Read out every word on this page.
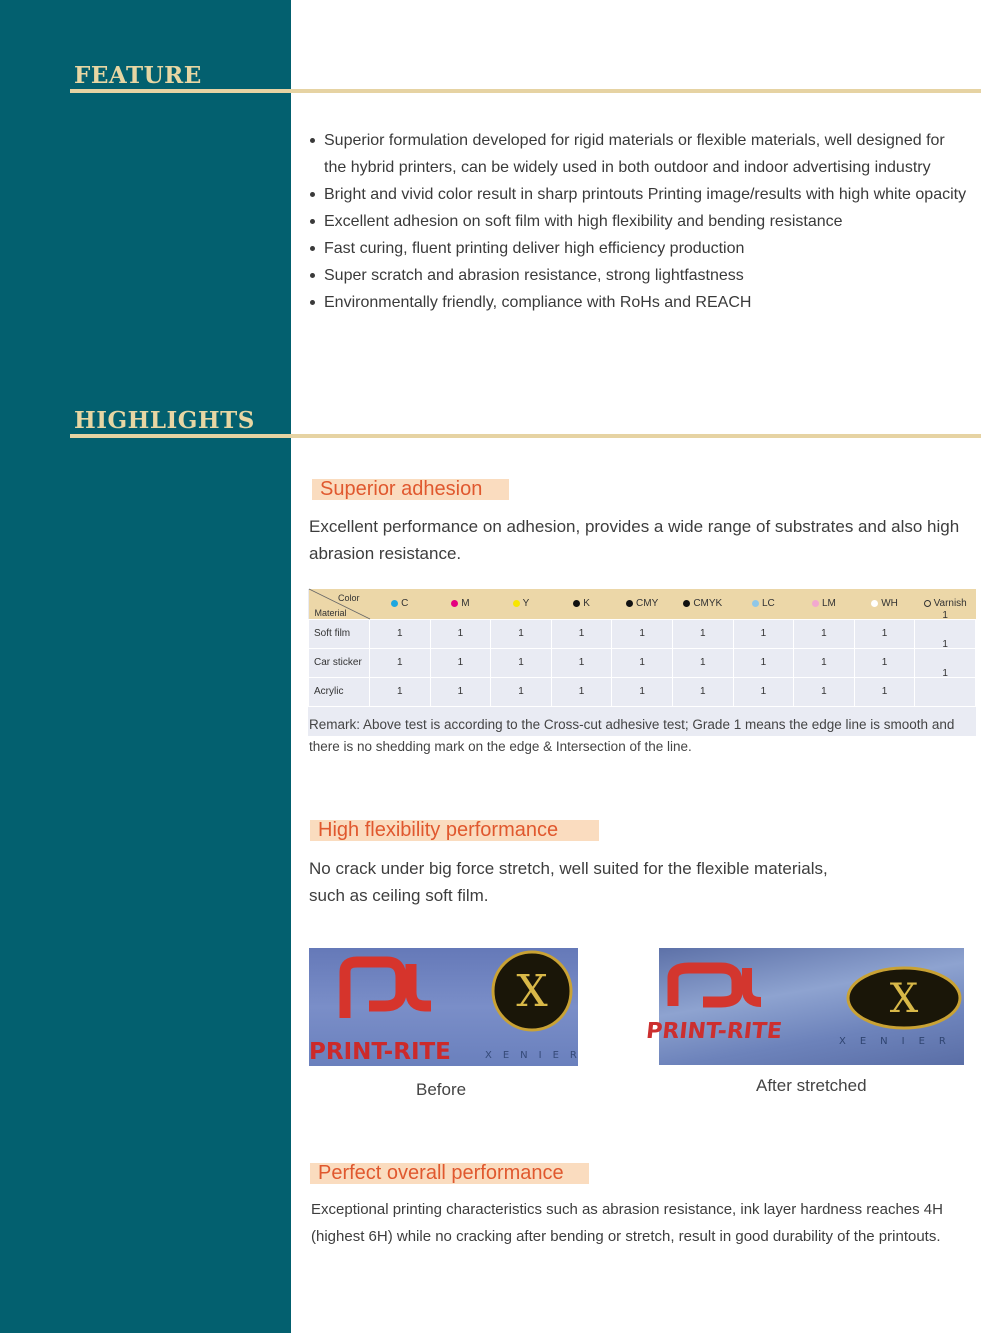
FEATURE
Superior formulation developed for rigid materials or flexible materials, well designed for the hybrid printers, can be widely used in both outdoor and indoor advertising industry
Bright and vivid color result in sharp printouts Printing image/results with high white opacity
Excellent adhesion on soft film with high flexibility and bending resistance
Fast curing, fluent printing deliver high efficiency production
Super scratch and abrasion resistance, strong lightfastness
Environmentally friendly, compliance with RoHs and REACH
HIGHLIGHTS
Superior adhesion
Excellent performance on adhesion, provides a wide range of substrates and also high abrasion resistance.
Color
Material	C	M	Y	K	CMY	CMYK	LC	LM	WH	Varnish
Soft film	1	1	1	1	1	1	1	1	1	1

Car sticker	1	1	1	1	1	1	1	1	1	1

Acrylic	1	1	1	1	1	1	1	1	1	1
Remark: Above test is according to the Cross-cut adhesive test; Grade 1 means the edge line is smooth and there is no shedding mark on the edge & Intersection of the line.
High flexibility performance
No crack under big force stretch, well suited for the flexible materials,
such as ceiling soft film.
PRINT-RITE
X
XENIER
Before
PRINT-RITE
X
XENIER
After stretched
Perfect overall performance
Exceptional printing characteristics such as abrasion resistance, ink layer hardness reaches 4H (highest 6H) while no cracking after bending or stretch, result in good durability of the printouts.
